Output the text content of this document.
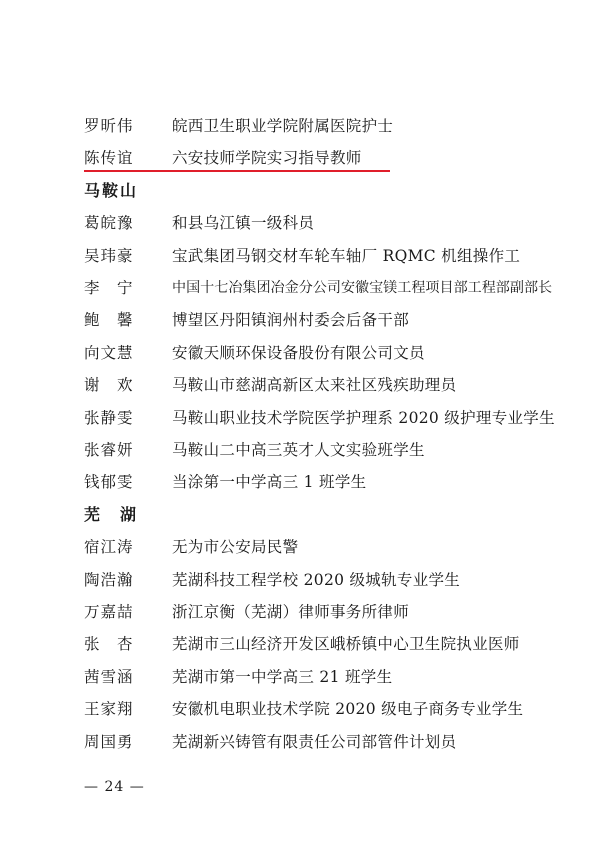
— 24 —
罗昕伟	皖西卫生职业学院附属医院护士
陈传谊	六安技师学院实习指导教师
马鞍山
葛皖豫	和县乌江镇一级科员
吴玮豪	宝武集团马钢交材车轮车轴厂 RQMC 机组操作工
李　宁	中国十七冶集团冶金分公司安徽宝镁工程项目部工程部副部长
鲍　馨	博望区丹阳镇润州村委会后备干部
向文慧	安徽天顺环保设备股份有限公司文员
谢　欢	马鞍山市慈湖高新区太来社区残疾助理员
张静雯	马鞍山职业技术学院医学护理系 2020 级护理专业学生
张睿妍	马鞍山二中高三英才人文实验班学生
钱郁雯	当涂第一中学高三 1 班学生
芜　湖
宿江涛	无为市公安局民警
陶浩瀚	芜湖科技工程学校 2020 级城轨专业学生
万嘉喆	浙江京衡（芜湖）律师事务所律师
张　杏	芜湖市三山经济开发区峨桥镇中心卫生院执业医师
茜雪涵	芜湖市第一中学高三 21 班学生
王家翔	安徽机电职业技术学院 2020 级电子商务专业学生
周国勇	芜湖新兴铸管有限责任公司部管件计划员
